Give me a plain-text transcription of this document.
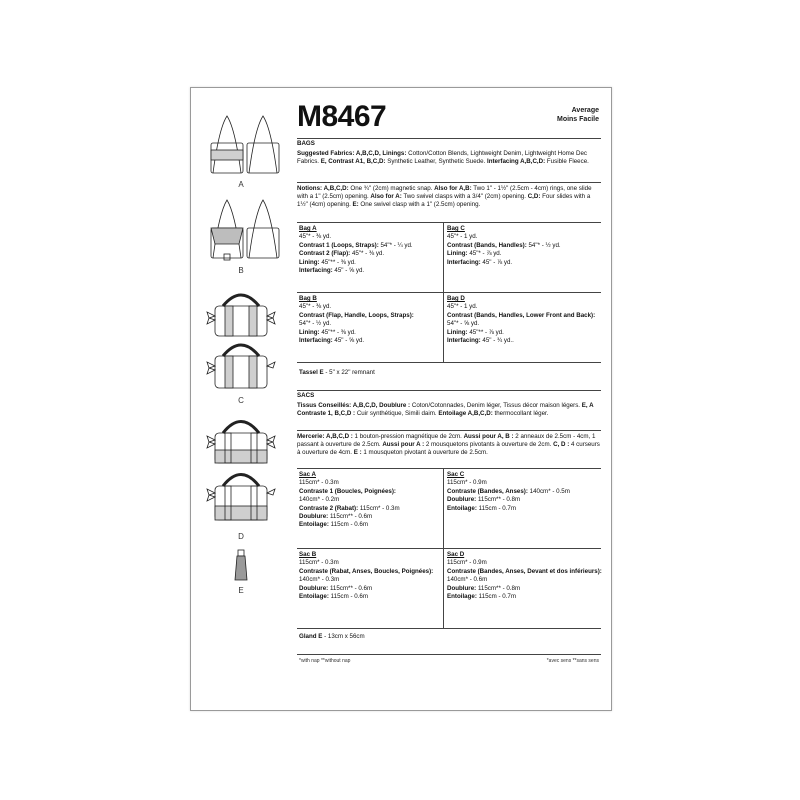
A
B
C
D
E
M8467	Average
Moins Facile
BAGS
Suggested Fabrics: A,B,C,D, Linings: Cotton/Cotton Blends, Lightweight Denim, Lightweight Home Dec Fabrics. E, Contrast A1, B,C,D: Synthetic Leather, Synthetic Suede. Interfacing A,B,C,D: Fusible Fleece.
Notions: A,B,C,D: One ¾" (2cm) magnetic snap. Also for A,B: Two 1" - 1½" (2.5cm - 4cm) rings, one slide with a 1" (2.5cm) opening. Also for A: Two swivel clasps with a 3/4" (2cm) opening. C,D: Four slides with a 1½" (4cm) opening. E: One swivel clasp with a 1" (2.5cm) opening.
Bag A
45"* - ⅜ yd.
Contrast 1 (Loops, Straps): 54"* - ¼ yd.
Contrast 2 (Flap): 45"* - ⅜ yd.
Lining: 45"** - ⅜ yd.
Interfacing: 45" - ⅝ yd.
Bag C
45"* - 1 yd.
Contrast (Bands, Handles): 54"* - ½ yd.
Lining: 45"* - ⅞ yd.
Interfacing: 45" - ⅞ yd.
Bag B
45"* - ⅜ yd.
Contrast (Flap, Handle, Loops, Straps):
54"* - ½ yd.
Lining: 45"** - ⅜ yd.
Interfacing: 45" - ⅝ yd.
Bag D
45"* - 1 yd.
Contrast (Bands, Handles, Lower Front and Back): 54"* - ⅝ yd.
Lining: 45"** - ⅞ yd.
Interfacing: 45" - ¾ yd..
Tassel E - 5" x 22" remnant
SACS
Tissus Conseillés: A,B,C,D, Doublure : Coton/Cotonnades, Denim léger, Tissus décor maison légers. E, A Contraste 1, B,C,D : Cuir synthétique, Simili daim. Entoilage A,B,C,D: thermocollant léger.
Mercerie: A,B,C,D : 1 bouton-pression magnétique de 2cm. Aussi pour A, B : 2 anneaux de 2.5cm - 4cm, 1 passant à ouverture de 2.5cm. Aussi pour A : 2 mousquetons pivotants à ouverture de 2cm. C, D : 4 curseurs à ouverture de 4cm. E : 1 mousqueton pivotant à ouverture de 2.5cm.
Sac A
115cm* - 0.3m
Contraste 1 (Boucles, Poignées):
140cm* - 0.2m
Contraste 2 (Rabat): 115cm* - 0.3m
Doublure: 115cm** - 0.6m
Entoilage: 115cm - 0.6m
Sac C
115cm* - 0.9m
Contraste (Bandes, Anses): 140cm* - 0.5m
Doublure: 115cm** - 0.8m
Entoilage: 115cm - 0.7m
Sac B
115cm* - 0.3m
Contraste (Rabat, Anses, Boucles, Poignées): 140cm* - 0.3m
Doublure: 115cm** - 0.6m
Entoilage: 115cm - 0.6m
Sac D
115cm* - 0.9m
Contraste (Bandes, Anses, Devant et dos inférieurs): 140cm* - 0.6m
Doublure: 115cm** - 0.8m
Entoilage: 115cm - 0.7m
Gland E - 13cm x 56cm
*with nap **without nap	*avec sens **sans sens
